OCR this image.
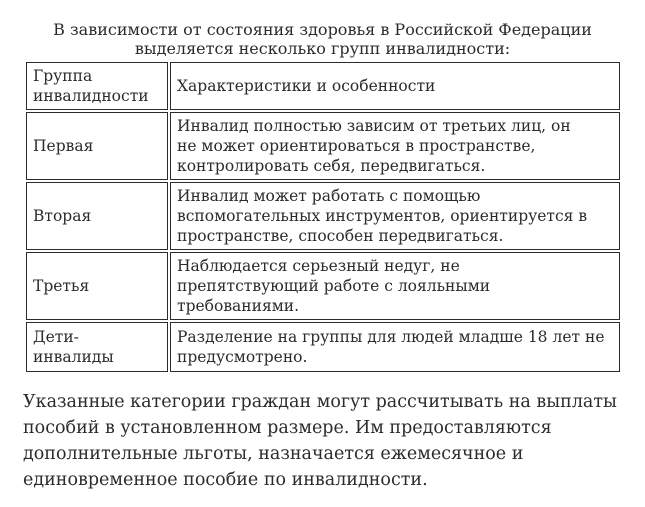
В зависимости от состояния здоровья в Российской Федерации
выделяется несколько групп инвалидности:
Группа
инвалидности	Характеристики и особенности
Первая	Инвалид полностью зависим от третьих лиц, он
не может ориентироваться в пространстве,
контролировать себя, передвигаться.
Вторая	Инвалид может работать с помощью
вспомогательных инструментов, ориентируется в
пространстве, способен передвигаться.
Третья	Наблюдается серьезный недуг, не
препятствующий работе с лояльными
требованиями.
Дети-
инвалиды	Разделение на группы для людей младше 18 лет не
предусмотрено.
Указанные категории граждан могут рассчитывать на выплаты
пособий в установленном размере. Им предоставляются
дополнительные льготы, назначается ежемесячное и
единовременное пособие по инвалидности.
